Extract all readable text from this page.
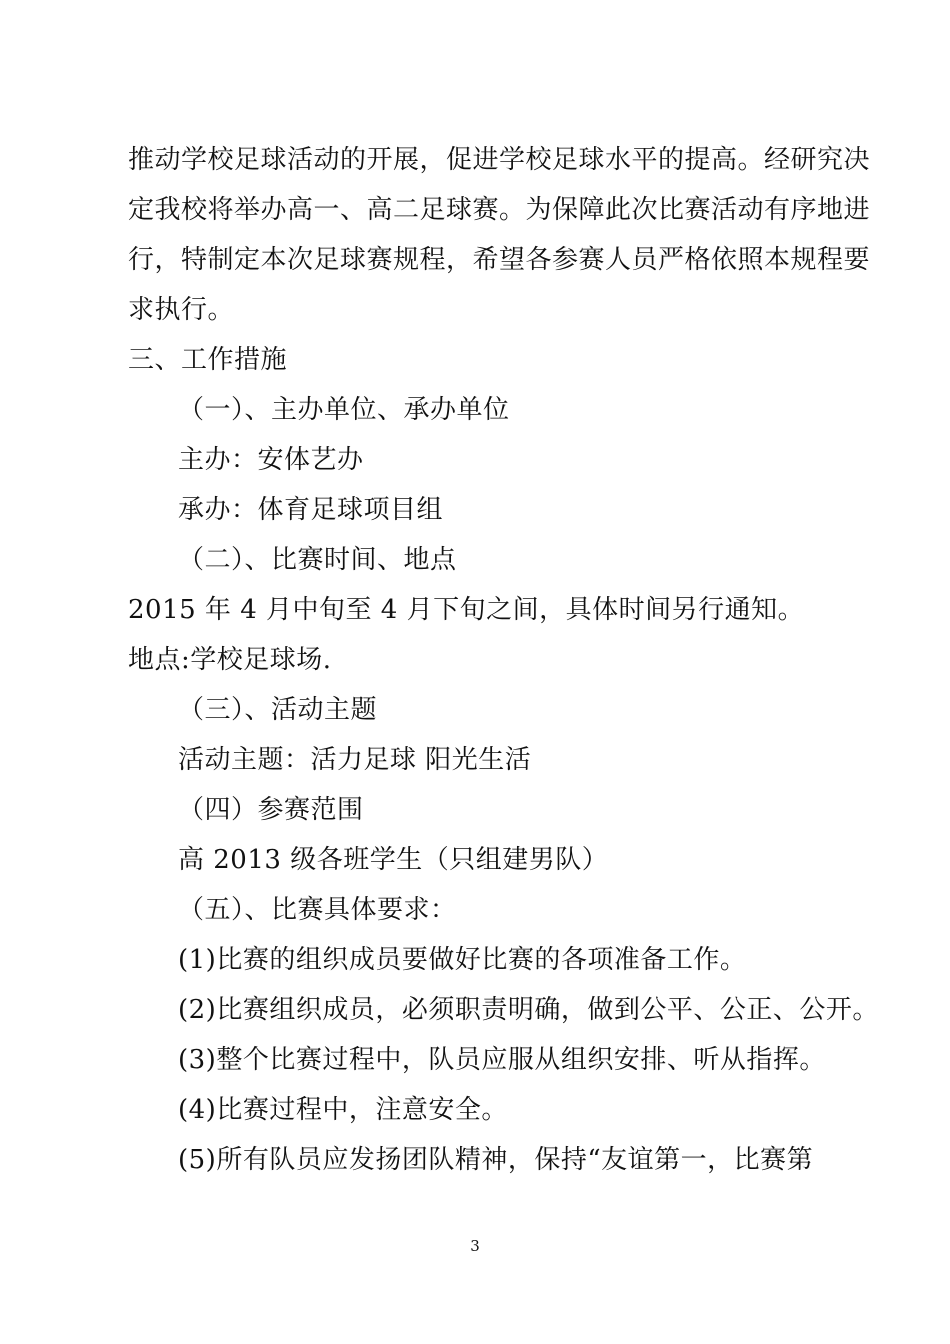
推动学校足球活动的开展，促进学校足球水平的提高。经研究决
定我校将举办高一、高二足球赛。为保障此次比赛活动有序地进
行，特制定本次足球赛规程，希望各参赛人员严格依照本规程要
求执行。
三、工作措施
（一）、主办单位、承办单位
主办：安体艺办
承办：体育足球项目组
（二）、比赛时间、地点
2015 年 4 月中旬至 4 月下旬之间，具体时间另行通知。
地点:学校足球场.
（三）、活动主题
活动主题：活力足球 阳光生活
（四）参赛范围
高 2013 级各班学生（只组建男队）
（五）、比赛具体要求：
(1)比赛的组织成员要做好比赛的各项准备工作。
(2)比赛组织成员，必须职责明确，做到公平、公正、公开。
(3)整个比赛过程中，队员应服从组织安排、听从指挥。
(4)比赛过程中，注意安全。
(5)所有队员应发扬团队精神，保持“友谊第一，比赛第
3
